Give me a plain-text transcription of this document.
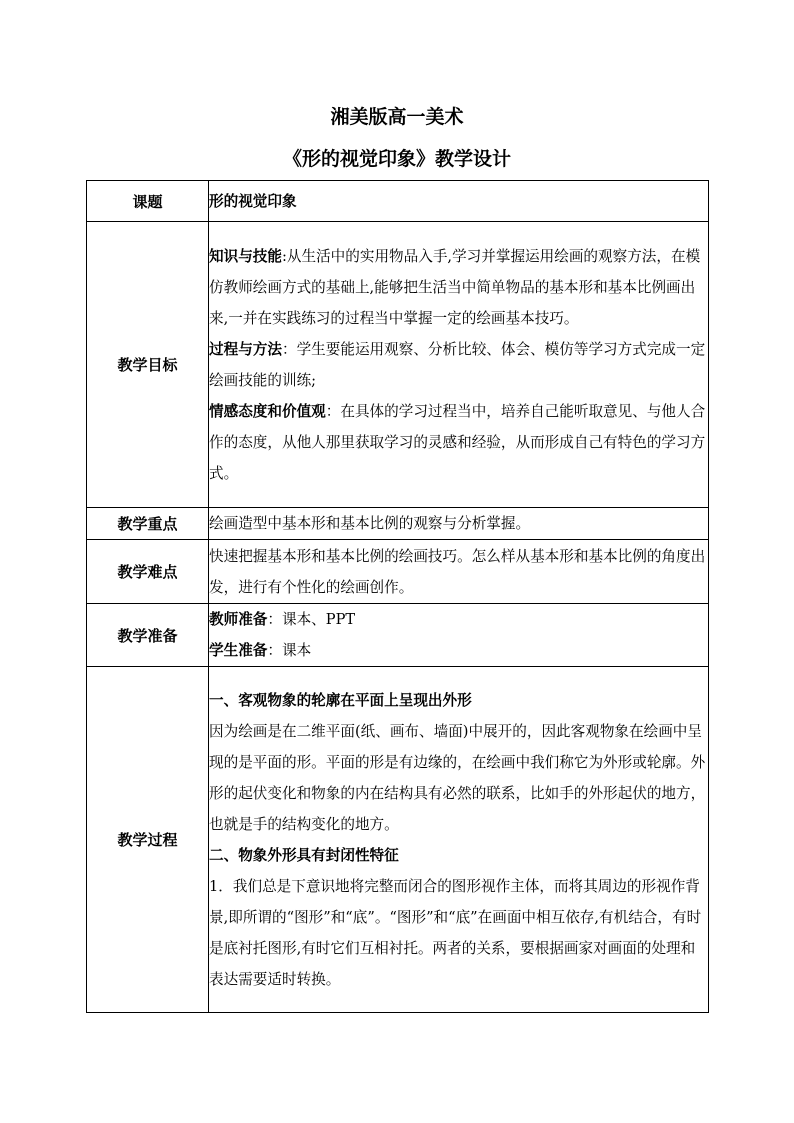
湘美版高一美术
《形的视觉印象》教学设计
课题	形的视觉印象
教学目标	知识与技能:从生活中的实用物品入手,学习并掌握运用绘画的观察方法，在模仿教师绘画方式的基础上,能够把生活当中简单物品的基本形和基本比例画出来,一并在实践练习的过程当中掌握一定的绘画基本技巧。

过程与方法：学生要能运用观察、分析比较、体会、模仿等学习方式完成一定绘画技能的训练;

情感态度和价值观：在具体的学习过程当中，培养自己能听取意见、与他人合作的态度，从他人那里获取学习的灵感和经验，从而形成自己有特色的学习方式。

教学重点	绘画造型中基本形和基本比例的观察与分析掌握。
教学难点	快速把握基本形和基本比例的绘画技巧。怎么样从基本形和基本比例的角度出发，进行有个性化的绘画创作。
教学准备	教师准备：课本、PPT

学生准备：课本

教学过程	一、客观物象的轮廓在平面上呈现出外形

因为绘画是在二维平面(纸、画布、墙面)中展开的，因此客观物象在绘画中呈现的是平面的形。平面的形是有边缘的，在绘画中我们称它为外形或轮廓。外形的起伏变化和物象的内在结构具有必然的联系，比如手的外形起伏的地方，也就是手的结构变化的地方。

二、物象外形具有封闭性特征

1．我们总是下意识地将完整而闭合的图形视作主体，而将其周边的形视作背景,即所谓的“图形”和“底”。“图形”和“底”在画面中相互依存,有机结合，有时是底衬托图形,有时它们互相衬托。两者的关系，要根据画家对画面的处理和表达需要适时转换。
